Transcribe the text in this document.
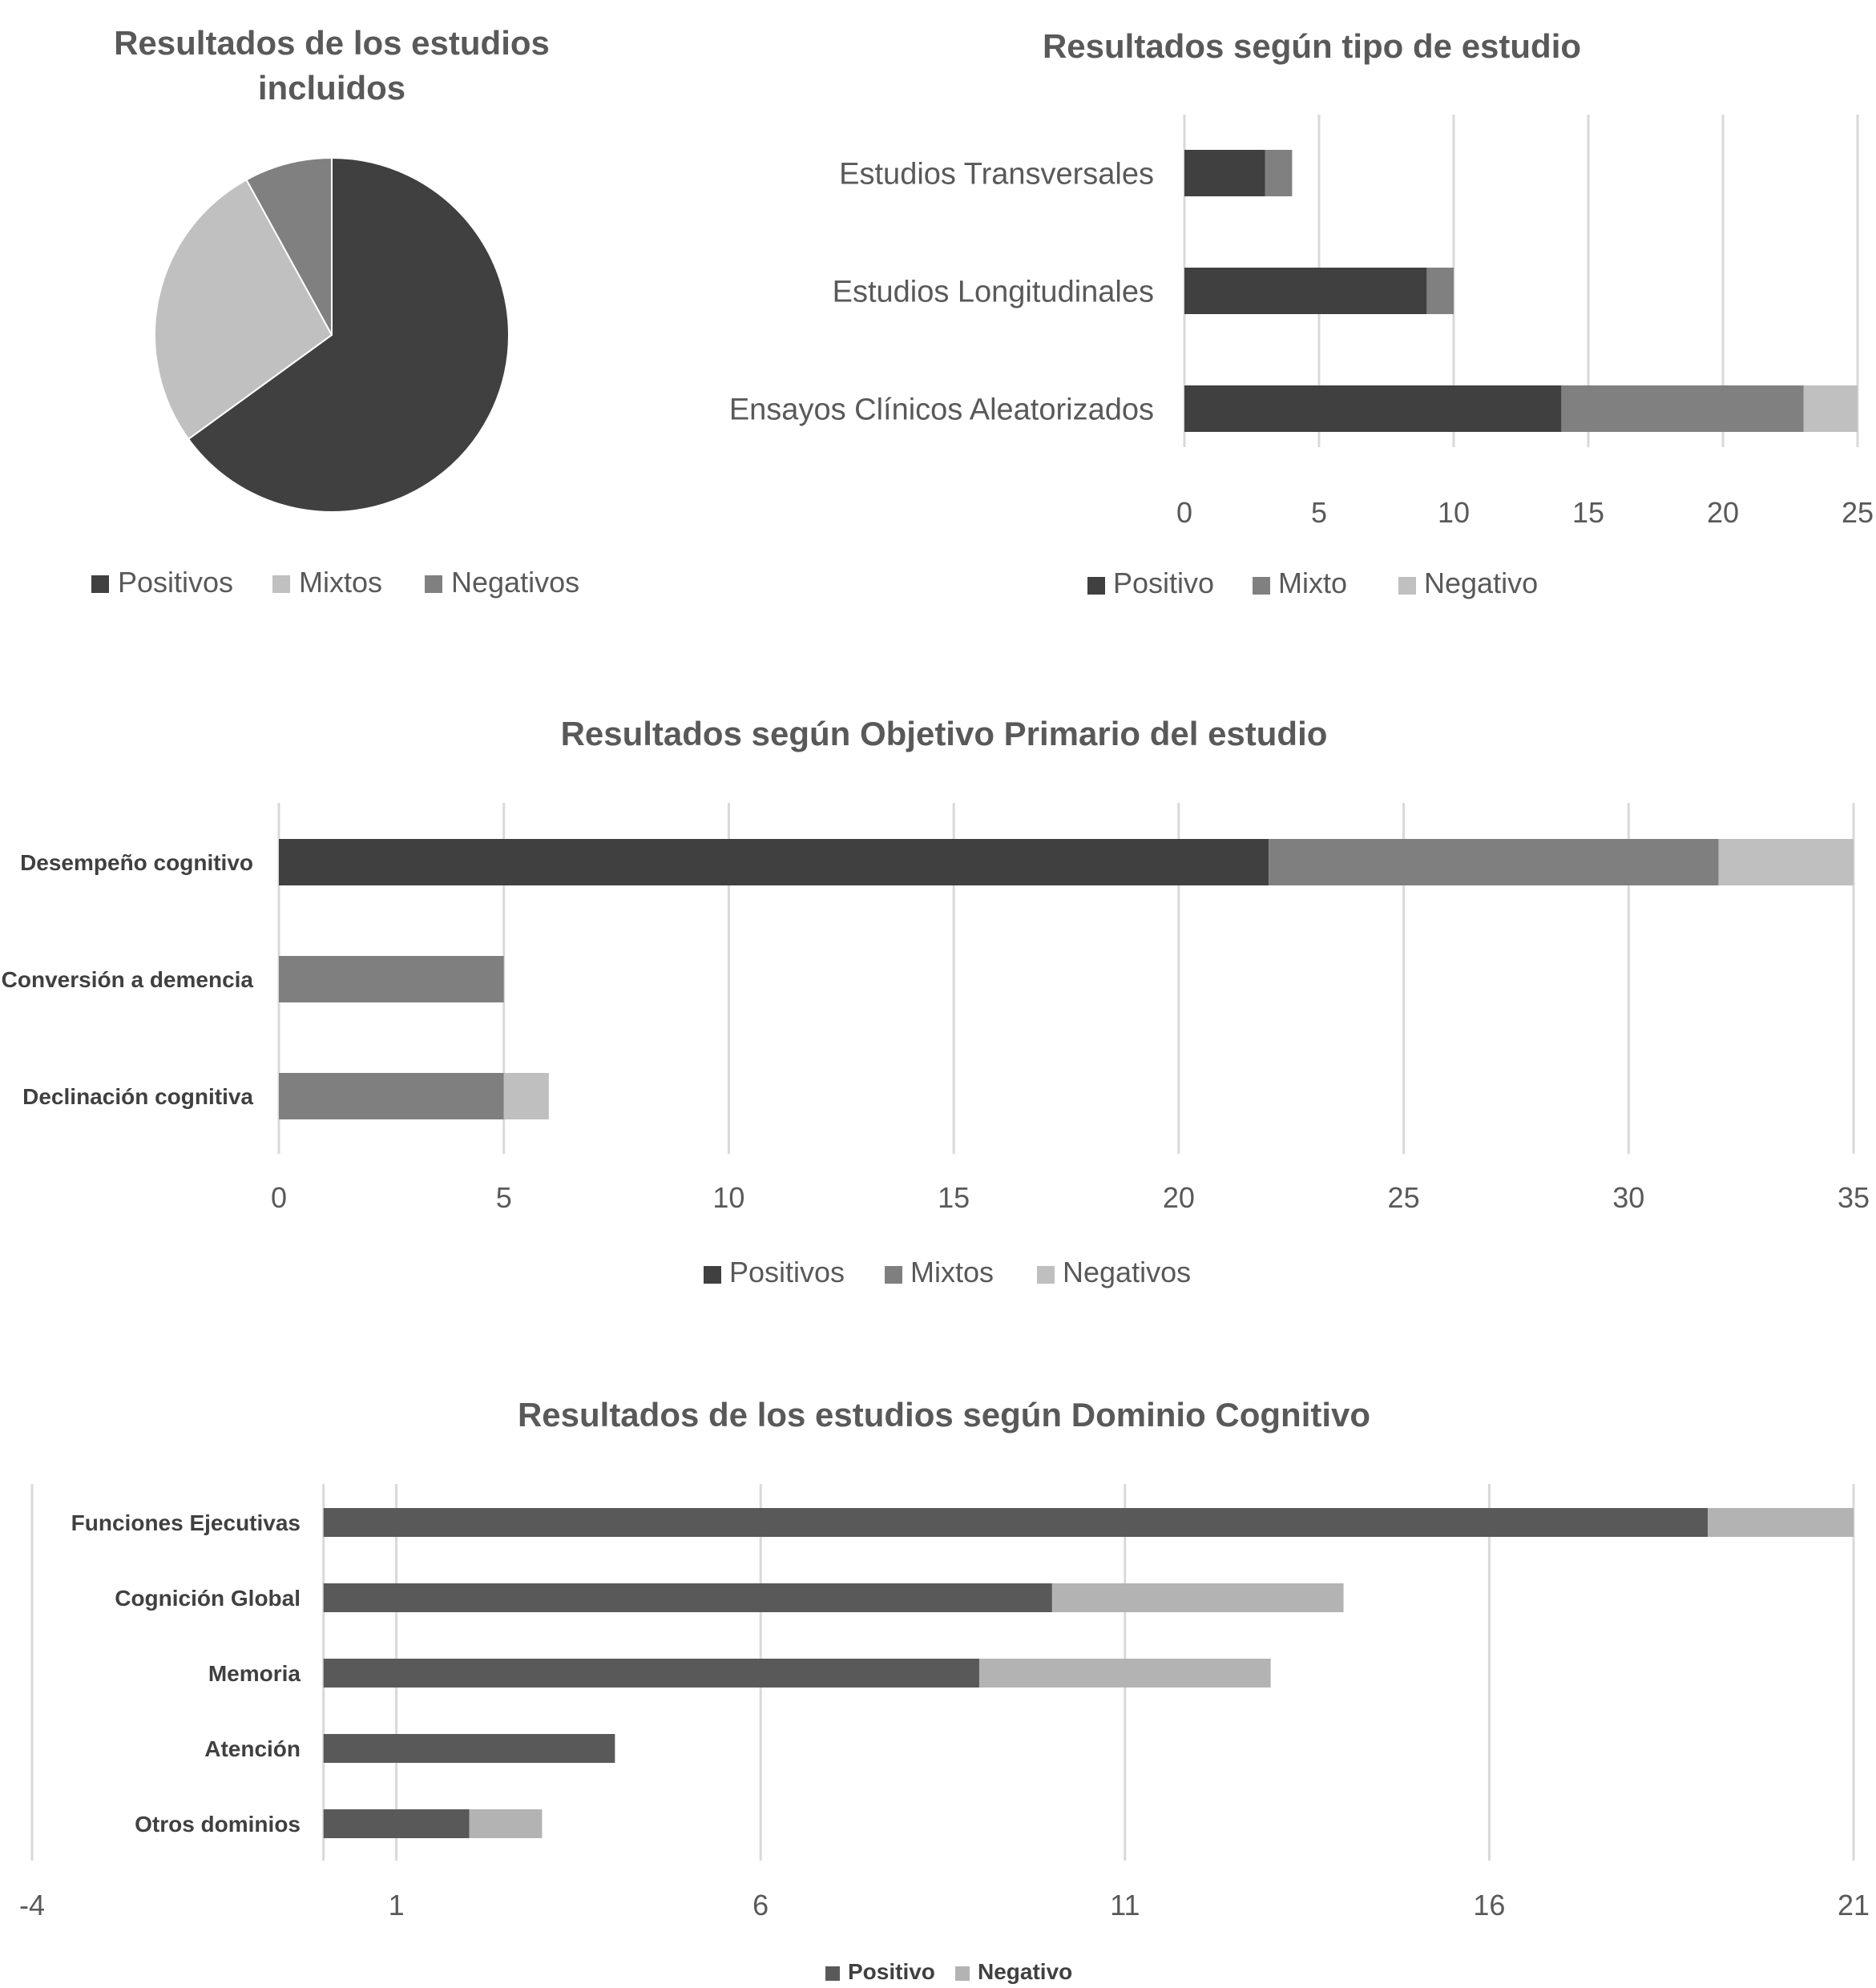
Resultados de los estudios incluidos
Positivos Mixtos Negativos
Resultados según tipo de estudio
0	5	10	15	20	25
Estudios Transversales
Estudios Longitudinales
Ensayos Clínicos Aleatorizados
Positivo Mixto	Negativo
Resultados según Objetivo Primario del estudio
0	5	10	15	20	25	30	35
Desempeño cognitivo
Conversión a demencia
Declinación cognitiva
Positivos Mixtos Negativos
Resultados de los estudios según Dominio Cognitivo
-4	1	6	11	16	21
Funciones Ejecutivas
Cognición Global
Memoria
Atención
Otros dominios
Positivo Negativo
